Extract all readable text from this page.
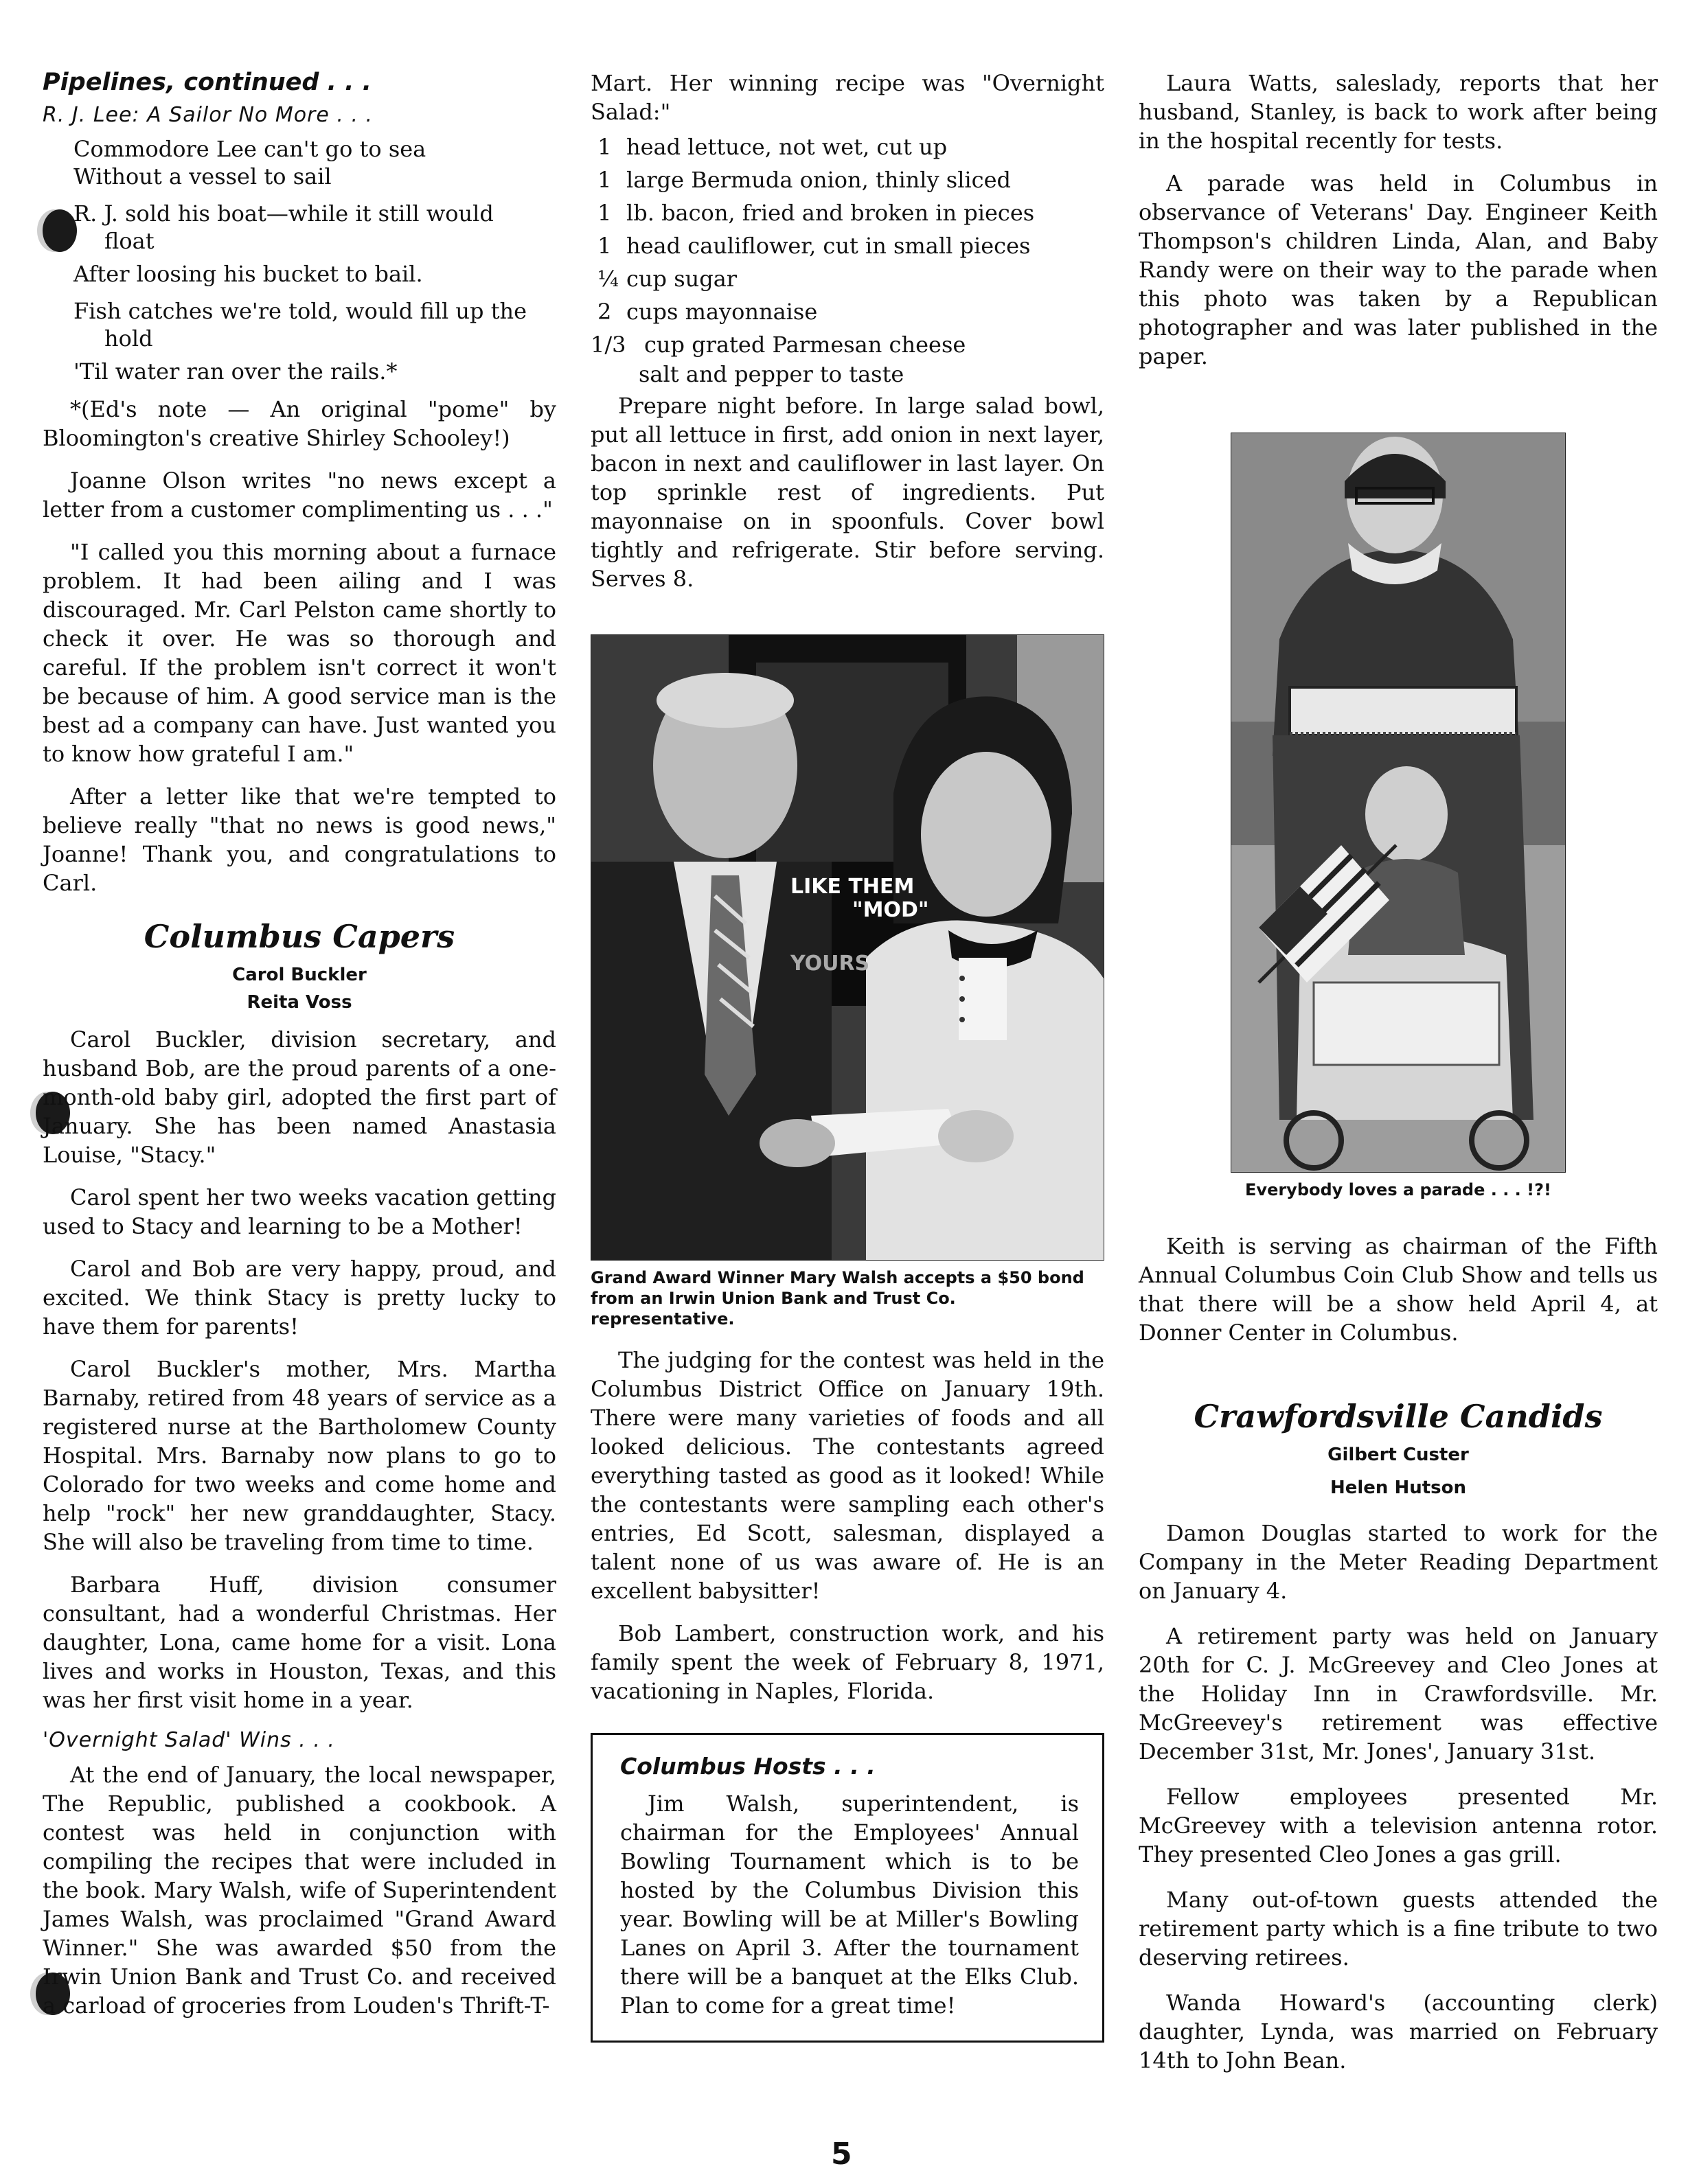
Pipelines, continued . . .
R. J. Lee: A Sailor No More . . .
Commodore Lee can't go to sea
Without a vessel to sail
R. J. sold his boat—while it still would
float
After loosing his bucket to bail.
Fish catches we're told, would fill up the
hold
'Til water ran over the rails.*

*(Ed's note — An original "pome" by Bloomington's creative Shirley Schooley!)

Joanne Olson writes "no news except a letter from a customer complimenting us . . ."

"I called you this morning about a furnace problem. It had been ailing and I was discouraged. Mr. Carl Pelston came shortly to check it over. He was so thorough and careful. If the problem isn't correct it won't be because of him. A good service man is the best ad a company can have. Just wanted you to know how grateful I am."

After a letter like that we're tempted to believe really "that no news is good news," Joanne! Thank you, and congratulations to Carl.

Columbus Capers
Carol Buckler
Reita Voss

Carol Buckler, division secretary, and husband Bob, are the proud parents of a one-month-old baby girl, adopted the first part of January. She has been named Anastasia Louise, "Stacy."

Carol spent her two weeks vacation getting used to Stacy and learning to be a Mother!

Carol and Bob are very happy, proud, and excited. We think Stacy is pretty lucky to have them for parents!

Carol Buckler's mother, Mrs. Martha Barnaby, retired from 48 years of service as a registered nurse at the Bartholomew County Hospital. Mrs. Barnaby now plans to go to Colorado for two weeks and come home and help "rock" her new granddaughter, Stacy. She will also be traveling from time to time.

Barbara Huff, division consumer consultant, had a wonderful Christmas. Her daughter, Lona, came home for a visit. Lona lives and works in Houston, Texas, and this was her first visit home in a year.

'Overnight Salad' Wins . . .

At the end of January, the local newspaper, The Republic, published a cookbook. A contest was held in conjunction with compiling the recipes that were included in the book. Mary Walsh, wife of Superintendent James Walsh, was proclaimed "Grand Award Winner." She was awarded $50 from the Irwin Union Bank and Trust Co. and received a carload of groceries from Louden's Thrift-T-

Mart. Her winning recipe was "Overnight Salad:"

1 head lettuce, not wet, cut up
1 large Bermuda onion, thinly sliced
1 lb. bacon, fried and broken in pieces
1 head cauliflower, cut in small pieces
¼ cup sugar
2 cups mayonnaise
1/3 cup grated Parmesan cheese
salt and pepper to taste

Prepare night before. In large salad bowl, put all lettuce in first, add onion in next layer, bacon in next and cauliflower in last layer. On top sprinkle rest of ingredients. Put mayonnaise on in spoonfuls. Cover bowl tightly and refrigerate. Stir before serving. Serves 8.

LIKE THEM
"MOD"
YOURS
Grand Award Winner Mary Walsh accepts a $50 bond from an Irwin Union Bank and Trust Co. representative.

The judging for the contest was held in the Columbus District Office on January 19th. There were many varieties of foods and all looked delicious. The contestants agreed everything tasted as good as it looked! While the contestants were sampling each other's entries, Ed Scott, salesman, displayed a talent none of us was aware of. He is an excellent babysitter!

Bob Lambert, construction work, and his family spent the week of February 8, 1971, vacationing in Naples, Florida.

Columbus Hosts . . .

Jim Walsh, superintendent, is chairman for the Employees' Annual Bowling Tournament which is to be hosted by the Columbus Division this year. Bowling will be at Miller's Bowling Lanes on April 3. After the tournament there will be a banquet at the Elks Club. Plan to come for a great time!

Laura Watts, saleslady, reports that her husband, Stanley, is back to work after being in the hospital recently for tests.

A parade was held in Columbus in observance of Veterans' Day. Engineer Keith Thompson's children Linda, Alan, and Baby Randy were on their way to the parade when this photo was taken by a Republican photographer and was later published in the paper.

Everybody loves a parade . . . !?!

Keith is serving as chairman of the Fifth Annual Columbus Coin Club Show and tells us that there will be a show held April 4, at Donner Center in Columbus.

Crawfordsville Candids
Gilbert Custer
Helen Hutson

Damon Douglas started to work for the Company in the Meter Reading Department on January 4.

A retirement party was held on January 20th for C. J. McGreevey and Cleo Jones at the Holiday Inn in Crawfordsville. Mr. McGreevey's retirement was effective December 31st, Mr. Jones', January 31st.

Fellow employees presented Mr. McGreevey with a television antenna rotor. They presented Cleo Jones a gas grill.

Many out-of-town guests attended the retirement party which is a fine tribute to two deserving retirees.

Wanda Howard's (accounting clerk) daughter, Lynda, was married on February 14th to John Bean.

5
